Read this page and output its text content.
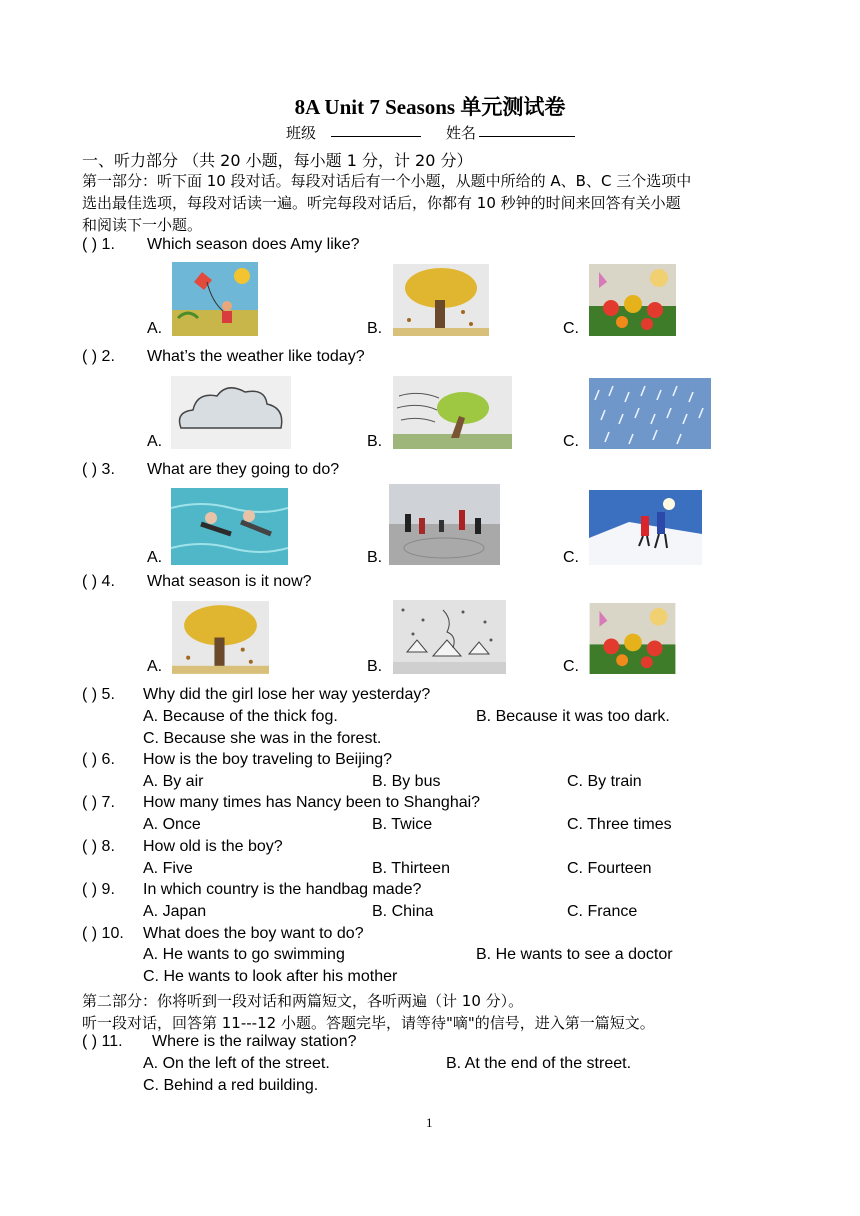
8A Unit 7 Seasons 单元测试卷
班级	姓名
一、听力部分 （共 20 小题，每小题 1 分，计 20 分）
第一部分：听下面 10 段对话。每段对话后有一个小题，从题中所给的 A、B、C 三个选项中
选出最佳选项，每段对话读一遍。听完每段对话后，你都有 10 秒钟的时间来回答有关小题
和阅读下一小题。
( ) 1. Which season does Amy like?
A.	B.	C.
( ) 2. What’s the weather like today?
A.	B.	C.
( ) 3. What are they going to do?
A.	B.	C.
( ) 4. What season is it now?
A.	B.	C.
( ) 5. Why did the girl lose her way yesterday?
A. Because of the thick fog.	B. Because it was too dark.
C. Because she was in the forest.
( ) 6. How is the boy traveling to Beijing?
A. By air	B. By bus	C. By train
( ) 7. How many times has Nancy been to Shanghai?
A. Once	B. Twice	C. Three times
( ) 8. How old is the boy?
A. Five	B. Thirteen	C. Fourteen
( ) 9. In which country is the handbag made?
A. Japan	B. China	C. France
( ) 10. What does the boy want to do?
A. He wants to go swimming	B. He wants to see a doctor
C. He wants to look after his mother
第二部分：你将听到一段对话和两篇短文，各听两遍（计 10 分）。
听一段对话，回答第 11---12 小题。答题完毕，请等待"嘀"的信号，进入第一篇短文。
( ) 11. Where is the railway station?
A. On the left of the street.	B. At the end of the street.
C. Behind a red building.
1
